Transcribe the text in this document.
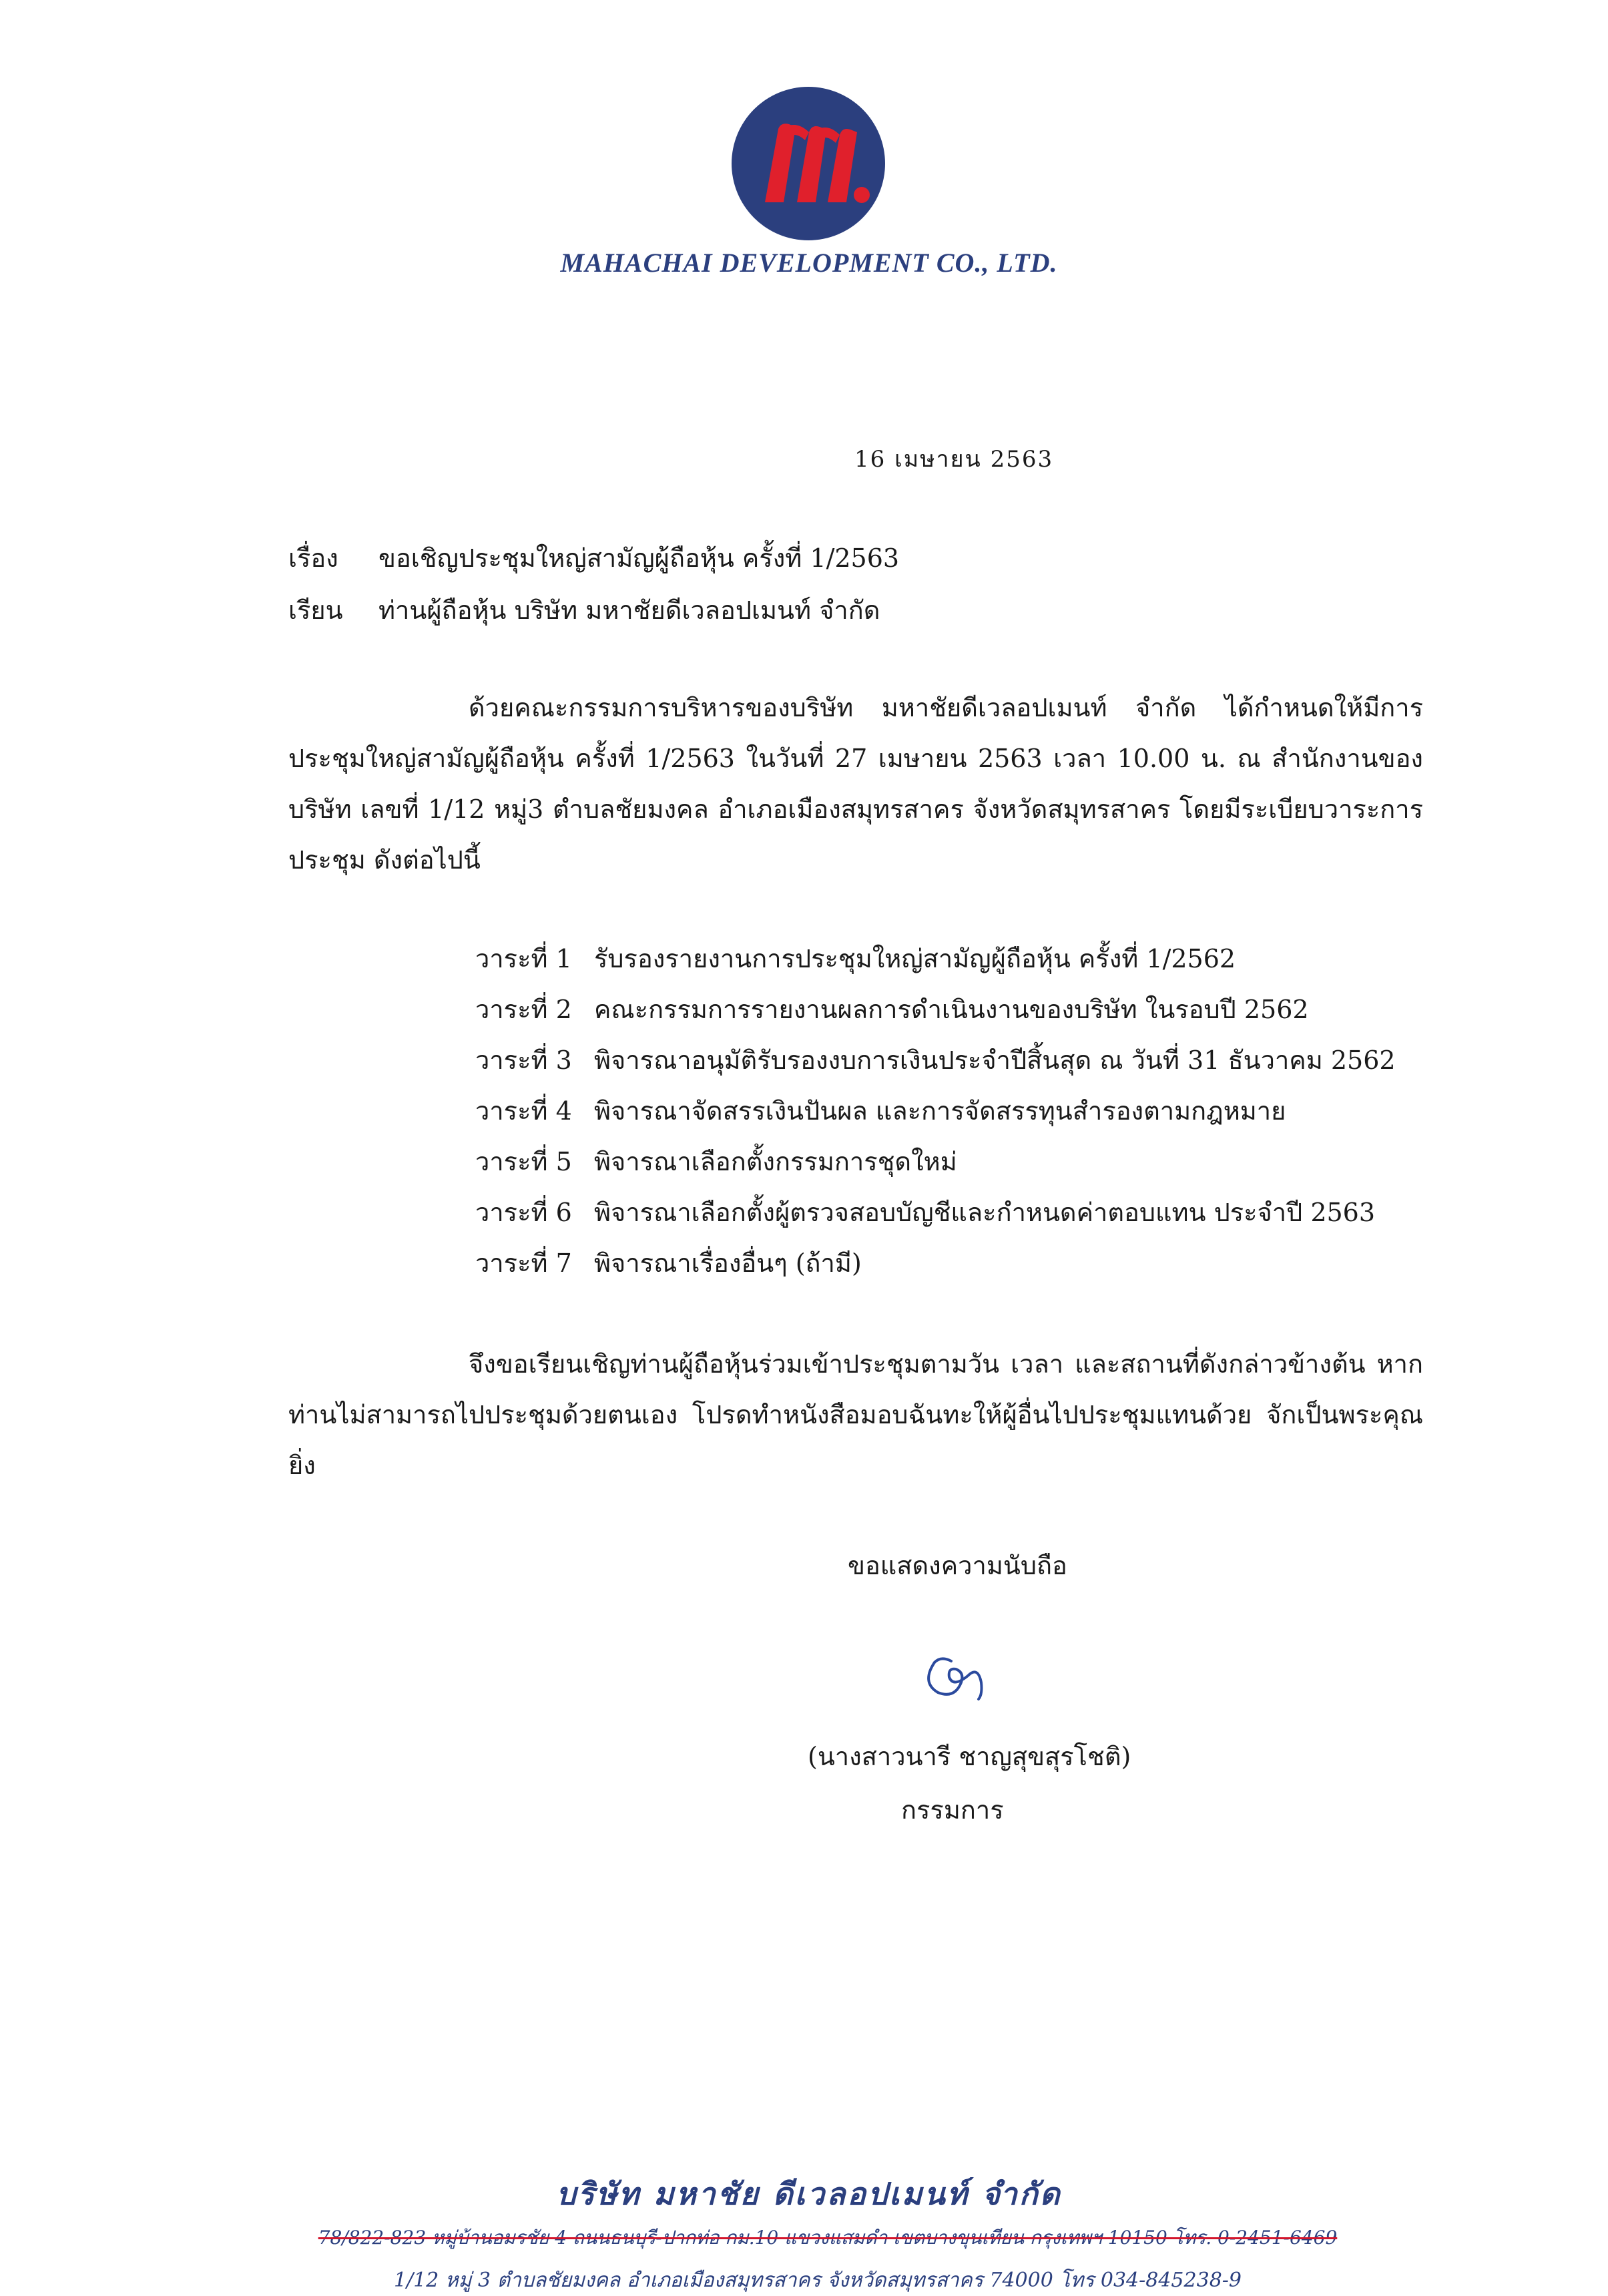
MAHACHAI DEVELOPMENT CO., LTD.
16 เมษายน 2563
เรื่อง ขอเชิญประชุมใหญ่สามัญผู้ถือหุ้น ครั้งที่ 1/2563
เรียน ท่านผู้ถือหุ้น บริษัท มหาชัยดีเวลอปเมนท์ จำกัด
ด้วยคณะกรรมการบริหารของบริษัท มหาชัยดีเวลอปเมนท์ จำกัด ได้กำหนดให้มีการประชุมใหญ่สามัญผู้ถือหุ้น ครั้งที่ 1/2563 ในวันที่ 27 เมษายน 2563 เวลา 10.00 น. ณ สำนักงานของบริษัท เลขที่ 1/12 หมู่3 ตำบลชัยมงคล อำเภอเมืองสมุทรสาคร จังหวัดสมุทรสาคร โดยมีระเบียบวาระการประชุม ดังต่อไปนี้
วาระที่ 1 รับรองรายงานการประชุมใหญ่สามัญผู้ถือหุ้น ครั้งที่ 1/2562
วาระที่ 2 คณะกรรมการรายงานผลการดำเนินงานของบริษัท ในรอบปี 2562
วาระที่ 3 พิจารณาอนุมัติรับรองงบการเงินประจำปีสิ้นสุด ณ วันที่ 31 ธันวาคม 2562
วาระที่ 4 พิจารณาจัดสรรเงินปันผล และการจัดสรรทุนสำรองตามกฎหมาย
วาระที่ 5 พิจารณาเลือกตั้งกรรมการชุดใหม่
วาระที่ 6 พิจารณาเลือกตั้งผู้ตรวจสอบบัญชีและกำหนดค่าตอบแทน ประจำปี 2563
วาระที่ 7 พิจารณาเรื่องอื่นๆ (ถ้ามี)
จึงขอเรียนเชิญท่านผู้ถือหุ้นร่วมเข้าประชุมตามวัน เวลา และสถานที่ดังกล่าวข้างต้น หากท่านไม่สามารถไปประชุมด้วยตนเอง โปรดทำหนังสือมอบฉันทะให้ผู้อื่นไปประชุมแทนด้วย จักเป็นพระคุณยิ่ง
ขอแสดงความนับถือ
(นางสาวนารี ชาญสุขสุรโชติ)
กรรมการ
บริษัท มหาชัย ดีเวลอปเมนท์ จำกัด
78/822-823 หมู่บ้านอมรชัย 4 ถนนธนบุรี-ปากท่อ กม.10 แขวงแสมดำ เขตบางขุนเทียน กรุงเทพฯ 10150 โทร. 0-2451-6469
1/12 หมู่ 3 ตำบลชัยมงคล อำเภอเมืองสมุทรสาคร จังหวัดสมุทรสาคร 74000 โทร 034-845238-9
